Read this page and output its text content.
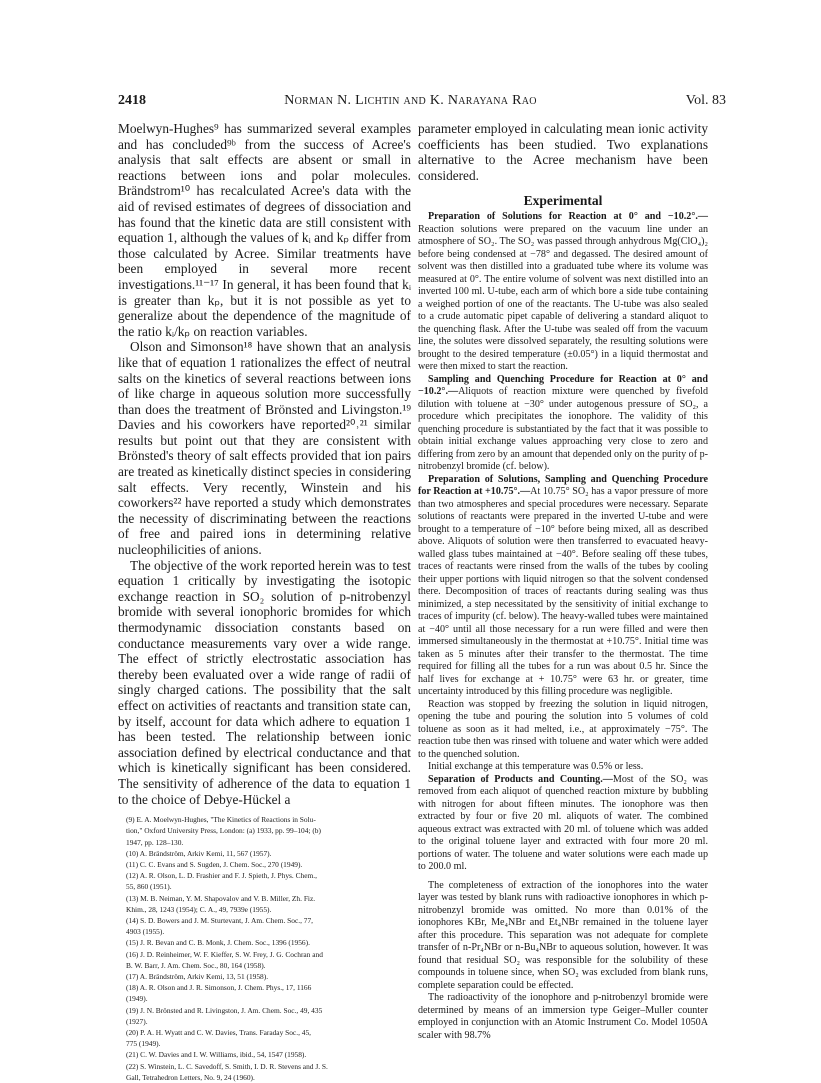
2418	Norman N. Lichtin and K. Narayana Rao	Vol. 83

Moelwyn-Hughes⁹ has summarized several examples and has concluded⁹ᵇ from the success of Acree's analysis that salt effects are absent or small in reactions between ions and polar molecules. Brändstrom¹⁰ has recalculated Acree's data with the aid of revised estimates of degrees of dissociation and has found that the kinetic data are still consistent with equation 1, although the values of kᵢ and kₚ differ from those calculated by Acree. Similar treatments have been employed in several more recent investigations.¹¹⁻¹⁷ In general, it has been found that kᵢ is greater than kₚ, but it is not possible as yet to generalize about the dependence of the magnitude of the ratio kᵢ/kₚ on reaction variables.

Olson and Simonson¹⁸ have shown that an analysis like that of equation 1 rationalizes the effect of neutral salts on the kinetics of several reactions between ions of like charge in aqueous solution more successfully than does the treatment of Brönsted and Livingston.¹⁹ Davies and his coworkers have reported²⁰˒²¹ similar results but point out that they are consistent with Brönsted's theory of salt effects provided that ion pairs are treated as kinetically distinct species in considering salt effects. Very recently, Winstein and his coworkers²² have reported a study which demonstrates the necessity of discriminating between the reactions of free and paired ions in determining relative nucleophilicities of anions.

The objective of the work reported herein was to test equation 1 critically by investigating the isotopic exchange reaction in SO₂ solution of p-nitrobenzyl bromide with several ionophoric bromides for which thermodynamic dissociation constants based on conductance measurements vary over a wide range. The effect of strictly electrostatic association has thereby been evaluated over a wide range of radii of singly charged cations. The possibility that the salt effect on activities of reactants and transition state can, by itself, account for data which adhere to equation 1 has been tested. The relationship between ionic association defined by electrical conductance and that which is kinetically significant has been considered. The sensitivity of adherence of the data to equation 1 to the choice of Debye-Hückel a

(9) E. A. Moelwyn-Hughes, "The Kinetics of Reactions in Solu-

tion," Oxford University Press, London: (a) 1933, pp. 99–104; (b)

1947, pp. 128–130.

(10) A. Brändström, Arkiv Kemi, 11, 567 (1957).

(11) C. C. Evans and S. Sugden, J. Chem. Soc., 270 (1949).

(12) A. R. Olson, L. D. Frashier and F. J. Spieth, J. Phys. Chem.,

55, 860 (1951).

(13) M. B. Neiman, Y. M. Shapovalov and V. B. Miller, Zh. Fiz.

Khim., 28, 1243 (1954); C. A., 49, 7939e (1955).

(14) S. D. Bowers and J. M. Sturtevant, J. Am. Chem. Soc., 77,

4903 (1955).

(15) J. R. Bevan and C. B. Monk, J. Chem. Soc., 1396 (1956).

(16) J. D. Reinheimer, W. F. Kieffer, S. W. Frey, J. G. Cochran and

B. W. Barr, J. Am. Chem. Soc., 80, 164 (1958).

(17) A. Brändström, Arkiv Kemi, 13, 51 (1958).

(18) A. R. Olson and J. R. Simonson, J. Chem. Phys., 17, 1166

(1949).

(19) J. N. Brönsted and R. Livingston, J. Am. Chem. Soc., 49, 435

(1927).

(20) P. A. H. Wyatt and C. W. Davies, Trans. Faraday Soc., 45,

775 (1949).

(21) C. W. Davies and I. W. Williams, ibid., 54, 1547 (1958).

(22) S. Winstein, L. C. Savedoff, S. Smith, I. D. R. Stevens and J. S.

Gall, Tetrahedron Letters, No. 9, 24 (1960).

parameter employed in calculating mean ionic activity coefficients has been studied. Two explanations alternative to the Acree mechanism have been considered.

Experimental

Preparation of Solutions for Reaction at 0° and −10.2°.—Reaction solutions were prepared on the vacuum line under an atmosphere of SO₂. The SO₂ was passed through anhydrous Mg(ClO₄)₂ before being condensed at −78° and degassed. The desired amount of solvent was then distilled into a graduated tube where its volume was measured at 0°. The entire volume of solvent was next distilled into an inverted 100 ml. U-tube, each arm of which bore a side tube containing a weighed portion of one of the reactants. The U-tube was also sealed to a crude automatic pipet capable of delivering a standard aliquot to the quenching flask. After the U-tube was sealed off from the vacuum line, the solutes were dissolved separately, the resulting solutions were brought to the desired temperature (±0.05°) in a liquid thermostat and were then mixed to start the reaction.

Sampling and Quenching Procedure for Reaction at 0° and −10.2°.—Aliquots of reaction mixture were quenched by fivefold dilution with toluene at −30° under autogenous pressure of SO₂, a procedure which precipitates the ionophore. The validity of this quenching procedure is substantiated by the fact that it was possible to obtain initial exchange values approaching very close to zero and differing from zero by an amount that depended only on the purity of p-nitrobenzyl bromide (cf. below).

Preparation of Solutions, Sampling and Quenching Procedure for Reaction at +10.75°.—At 10.75° SO₂ has a vapor pressure of more than two atmospheres and special procedures were necessary. Separate solutions of reactants were prepared in the inverted U-tube and were brought to a temperature of −10° before being mixed, all as described above. Aliquots of solution were then transferred to evacuated heavy-walled glass tubes maintained at −40°. Before sealing off these tubes, traces of reactants were rinsed from the walls of the tubes by cooling their upper portions with liquid nitrogen so that the solvent condensed there. Decomposition of traces of reactants during sealing was thus minimized, a step necessitated by the sensitivity of initial exchange to traces of impurity (cf. below). The heavy-walled tubes were maintained at −40° until all those necessary for a run were filled and were then immersed simultaneously in the thermostat at +10.75°. Initial time was taken as 5 minutes after their transfer to the thermostat. The time required for filling all the tubes for a run was about 0.5 hr. Since the half lives for exchange at + 10.75° were 63 hr. or greater, time uncertainty introduced by this filling procedure was negligible.

Reaction was stopped by freezing the solution in liquid nitrogen, opening the tube and pouring the solution into 5 volumes of cold toluene as soon as it had melted, i.e., at approximately −75°. The reaction tube then was rinsed with toluene and water which were added to the quenched solution.

Initial exchange at this temperature was 0.5% or less.

Separation of Products and Counting.—Most of the SO₂ was removed from each aliquot of quenched reaction mixture by bubbling with nitrogen for about fifteen minutes. The ionophore was then extracted by four or five 20 ml. aliquots of water. The combined aqueous extract was extracted with 20 ml. of toluene which was added to the original toluene layer and extracted with four more 20 ml. portions of water. The toluene and water solutions were each made up to 200.0 ml.

The completeness of extraction of the ionophores into the water layer was tested by blank runs with radioactive ionophores in which p-nitrobenzyl bromide was omitted. No more than 0.01% of the ionophores KBr, Me₄NBr and Et₄NBr remained in the toluene layer after this procedure. This separation was not adequate for complete transfer of n-Pr₄NBr or n-Bu₄NBr to aqueous solution, however. It was found that residual SO₂ was responsible for the solubility of these compounds in toluene since, when SO₂ was excluded from blank runs, complete separation could be effected.

The radioactivity of the ionophore and p-nitrobenzyl bromide were determined by means of an immersion type Geiger–Muller counter employed in conjunction with an Atomic Instrument Co. Model 1050A scaler with 98.7%
